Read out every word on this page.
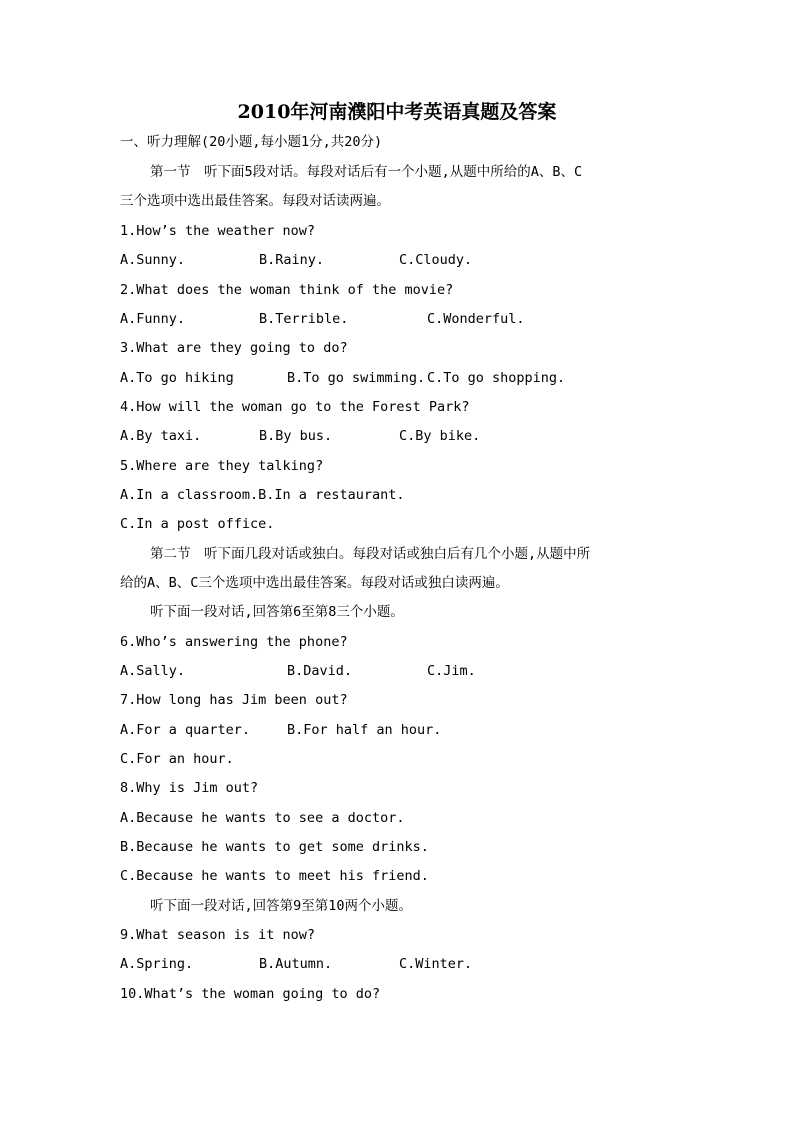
2010年河南濮阳中考英语真题及答案
一、听力理解(20小题,每小题1分,共20分)
第一节　听下面5段对话。每段对话后有一个小题,从题中所给的A、B、C
三个选项中选出最佳答案。每段对话读两遍。
1.How’s the weather now?
A.Sunny.	B.Rainy.	C.Cloudy.
2.What does the woman think of the movie?
A.Funny.	B.Terrible.	C.Wonderful.
3.What are they going to do?
A.To go hiking	B.To go swimming. C.To go shopping.
4.How will the woman go to the Forest Park?
A.By taxi.	B.By bus.	C.By bike.
5.Where are they talking?
A.In a classroom.B.In a restaurant.
C.In a post office.
第二节　听下面几段对话或独白。每段对话或独白后有几个小题,从题中所
给的A、B、C三个选项中选出最佳答案。每段对话或独白读两遍。
听下面一段对话,回答第6至第8三个小题。
6.Who’s answering the phone?
A.Sally.	B.David.	C.Jim.
7.How long has Jim been out?
A.For a quarter.	B.For half an hour.
C.For an hour.
8.Why is Jim out?
A.Because he wants to see a doctor.
B.Because he wants to get some drinks.
C.Because he wants to meet his friend.
听下面一段对话,回答第9至第10两个小题。
9.What season is it now?
A.Spring.	B.Autumn.	C.Winter.
10.What’s the woman going to do?
